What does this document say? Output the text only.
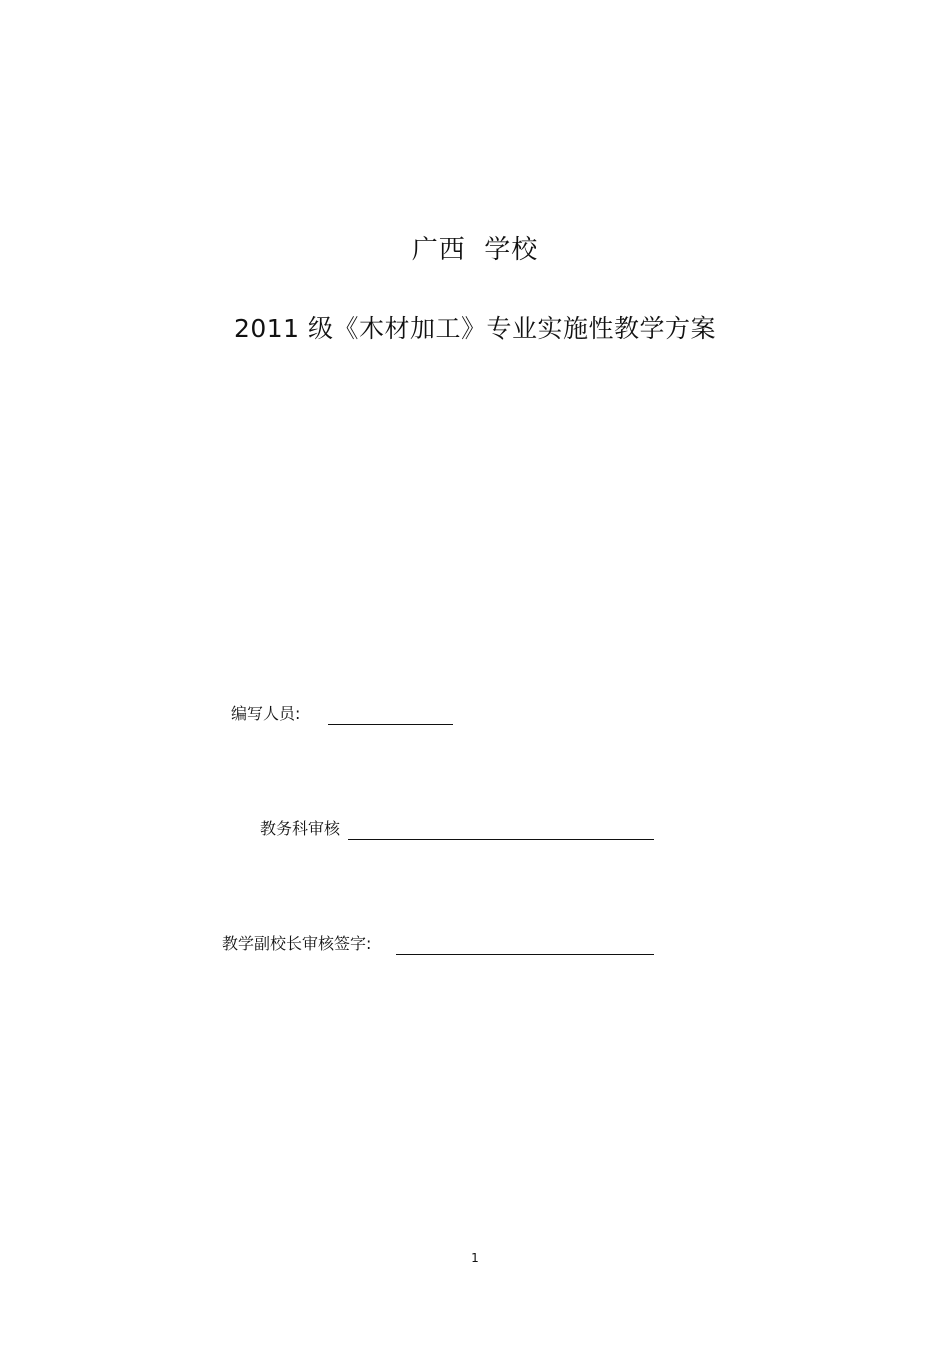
广西  学校
2011 级《木材加工》专业实施性教学方案
编写人员:
教务科审核
教学副校长审核签字:
1
